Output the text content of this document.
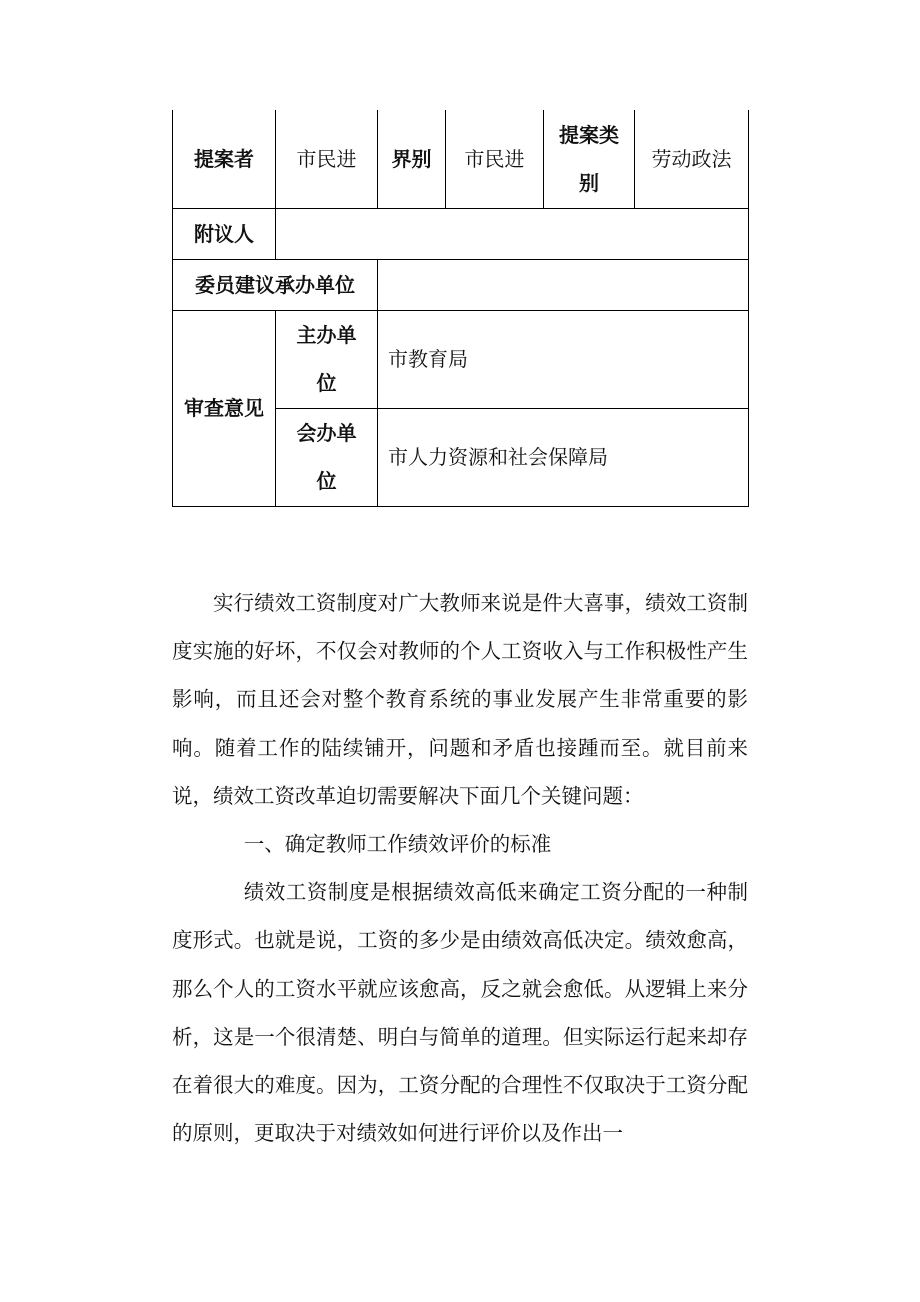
提案者	市民进	界别	市民进	提案类别	劳动政法
附议人					
委员建议承办单位					
审查意见	主办单位	市教育局			

	会办单位	市人力资源和社会保障局			

实行绩效工资制度对广大教师来说是件大喜事，绩效工资制度实施的好坏，不仅会对教师的个人工资收入与工作积极性产生影响，而且还会对整个教育系统的事业发展产生非常重要的影响。随着工作的陆续铺开，问题和矛盾也接踵而至。就目前来说，绩效工资改革迫切需要解决下面几个关键问题：

一、确定教师工作绩效评价的标准

绩效工资制度是根据绩效高低来确定工资分配的一种制度形式。也就是说，工资的多少是由绩效高低决定。绩效愈高，那么个人的工资水平就应该愈高，反之就会愈低。从逻辑上来分析，这是一个很清楚、明白与简单的道理。但实际运行起来却存在着很大的难度。因为，工资分配的合理性不仅取决于工资分配的原则，更取决于对绩效如何进行评价以及作出一
